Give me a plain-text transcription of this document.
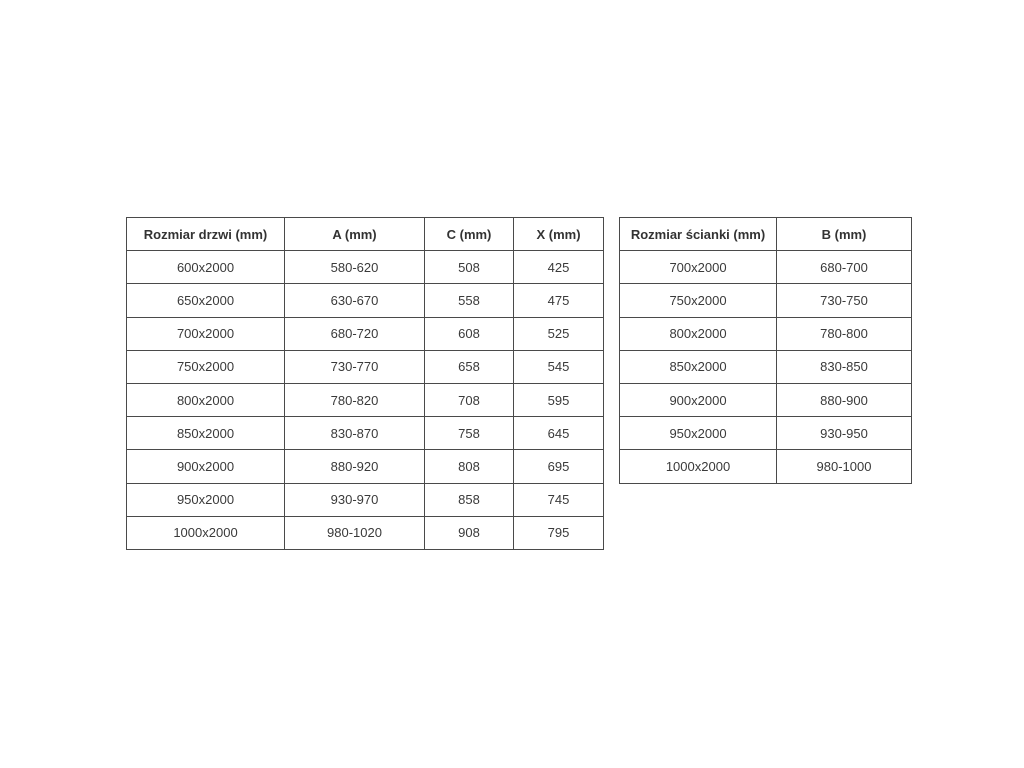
Rozmiar drzwi (mm)	A (mm)	C (mm)	X (mm)
600x2000	580-620	508	425
650x2000	630-670	558	475
700x2000	680-720	608	525
750x2000	730-770	658	545
800x2000	780-820	708	595
850x2000	830-870	758	645
900x2000	880-920	808	695
950x2000	930-970	858	745
1000x2000	980-1020	908	795
Rozmiar ścianki (mm)	B (mm)
700x2000	680-700
750x2000	730-750
800x2000	780-800
850x2000	830-850
900x2000	880-900
950x2000	930-950
1000x2000	980-1000
